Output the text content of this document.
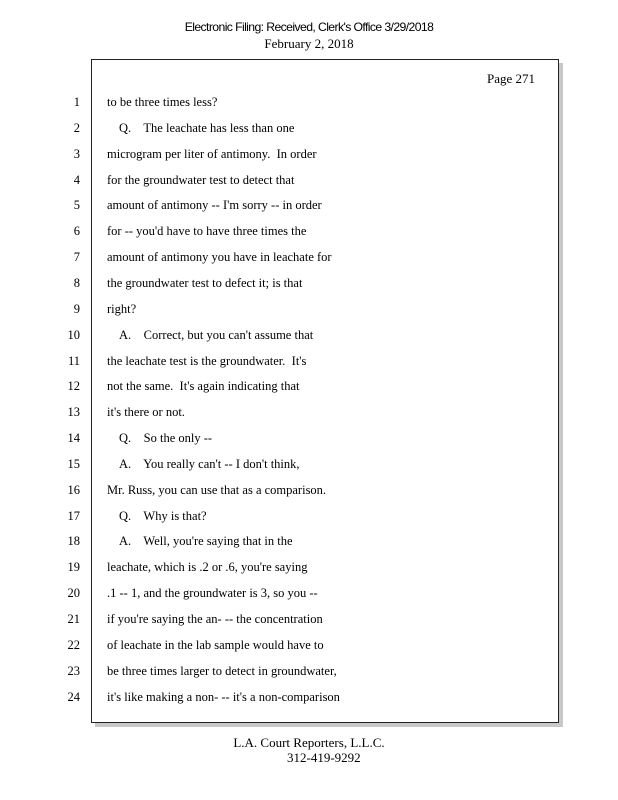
Electronic Filing: Received, Clerk's Office 3/29/2018
February 2, 2018
Page 271
1 to be three times less?
2	Q.    The leachate has less than one
3 microgram per liter of antimony.  In order
4 for the groundwater test to detect that
5 amount of antimony -- I'm sorry -- in order
6 for -- you'd have to have three times the
7 amount of antimony you have in leachate for
8 the groundwater test to defect it; is that
9 right?
10	A.    Correct, but you can't assume that
11 the leachate test is the groundwater.  It's
12 not the same.  It's again indicating that
13 it's there or not.
14	Q.    So the only --
15	A.    You really can't -- I don't think,
16 Mr. Russ, you can use that as a comparison.
17	Q.    Why is that?
18	A.    Well, you're saying that in the
19 leachate, which is .2 or .6, you're saying
20 .1 -- 1, and the groundwater is 3, so you --
21 if you're saying the an- -- the concentration
22 of leachate in the lab sample would have to
23 be three times larger to detect in groundwater,
24 it's like making a non- -- it's a non-comparison
L.A. Court Reporters, L.L.C.
312-419-9292
